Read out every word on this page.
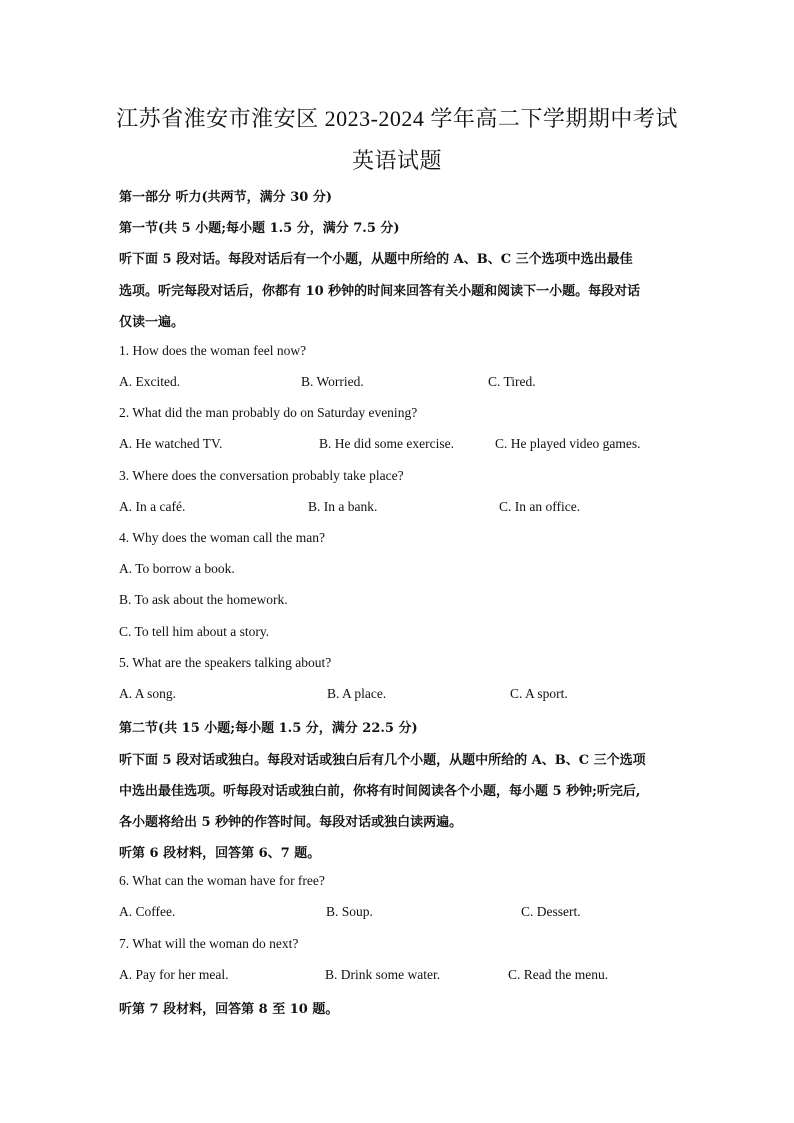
江苏省淮安市淮安区 2023-2024 学年高二下学期期中考试
英语试题
第一部分 听力(共两节，满分 30 分)
第一节(共 5 小题;每小题 1.5 分，满分 7.5 分)
听下面 5 段对话。每段对话后有一个小题，从题中所给的 A、B、C 三个选项中选出最佳
选项。听完每段对话后，你都有 10 秒钟的时间来回答有关小题和阅读下一小题。每段对话
仅读一遍。
1. How does the woman feel now?
A. Excited.	B. Worried.	C. Tired.
2. What did the man probably do on Saturday evening?
A. He watched TV.	B. He did some exercise.	C. He played video games.
3. Where does the conversation probably take place?
A. In a café.	B. In a bank.	C. In an office.
4. Why does the woman call the man?
A. To borrow a book.
B. To ask about the homework.
C. To tell him about a story.
5. What are the speakers talking about?
A. A song.	B. A place.	C. A sport.
第二节(共 15 小题;每小题 1.5 分，满分 22.5 分)
听下面 5 段对话或独白。每段对话或独白后有几个小题，从题中所给的 A、B、C 三个选项
中选出最佳选项。听每段对话或独白前，你将有时间阅读各个小题，每小题 5 秒钟;听完后,
各小题将给出 5 秒钟的作答时间。每段对话或独白读两遍。
听第 6 段材料，回答第 6、7 题。
6. What can the woman have for free?
A. Coffee.	B. Soup.	C. Dessert.
7. What will the woman do next?
A. Pay for her meal.	B. Drink some water.	C. Read the menu.
听第 7 段材料，回答第 8 至 10 题。
